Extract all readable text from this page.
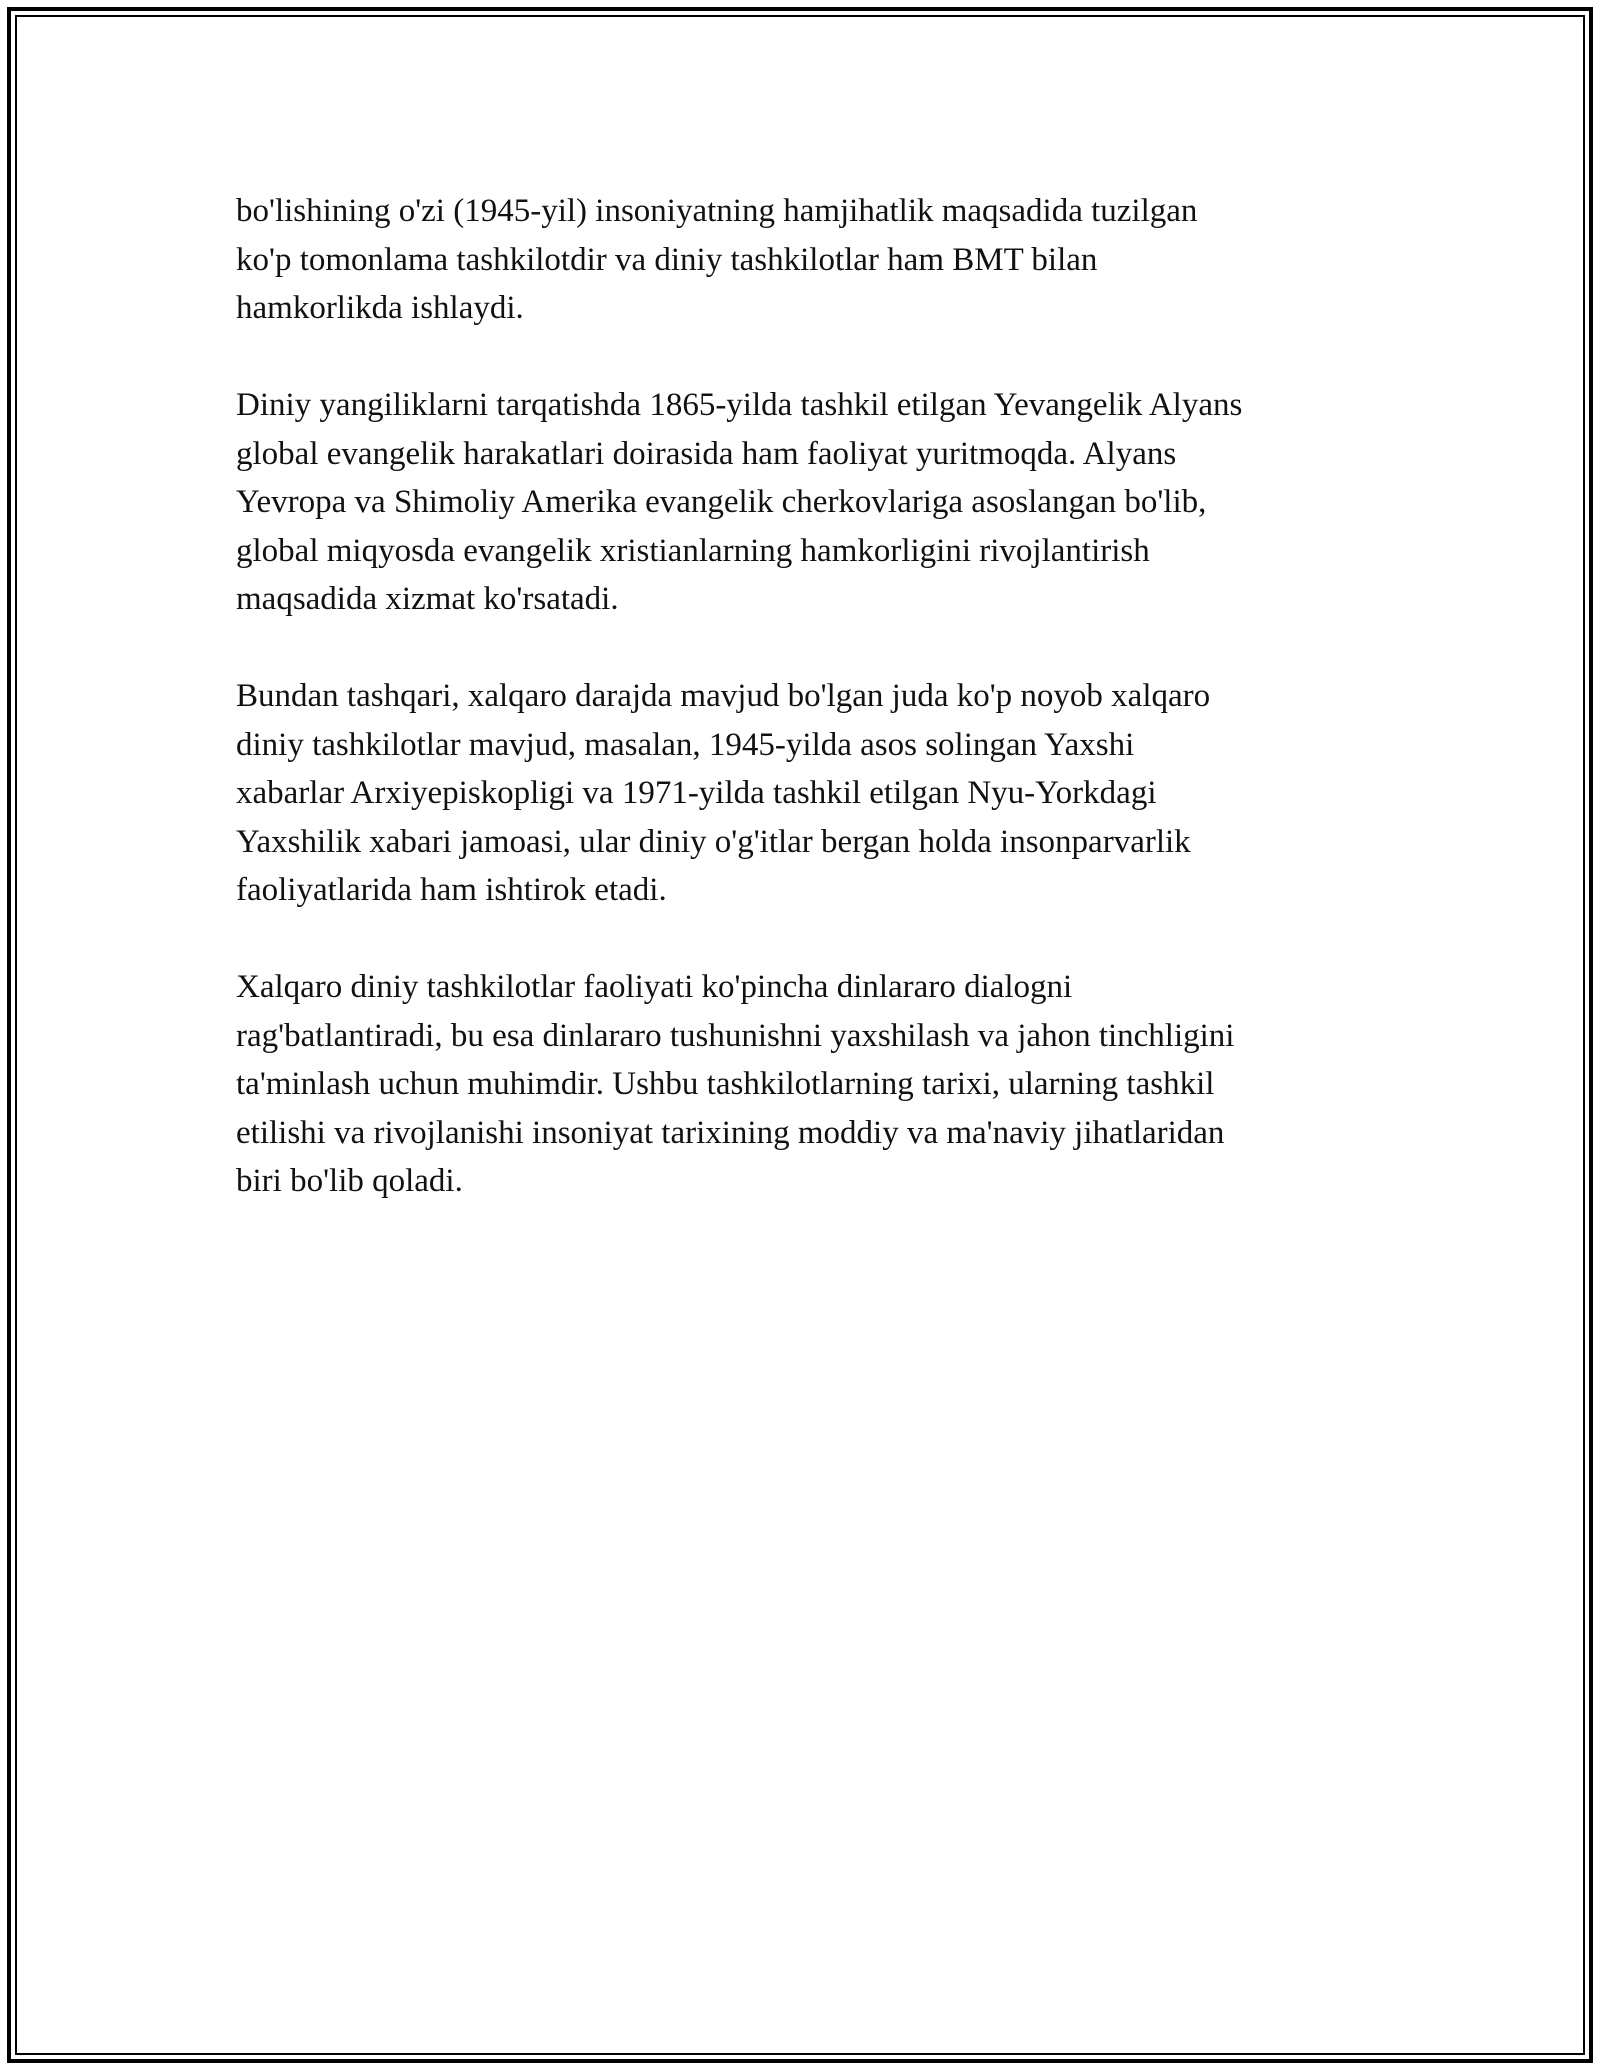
bo'lishining o'zi (1945-yil) insoniyatning hamjihatlik maqsadida tuzilgan
ko'p tomonlama tashkilotdir va diniy tashkilotlar ham BMT bilan
hamkorlikda ishlaydi.

Diniy yangiliklarni tarqatishda 1865-yilda tashkil etilgan Yevangelik Alyans
global evangelik harakatlari doirasida ham faoliyat yuritmoqda. Alyans
Yevropa va Shimoliy Amerika evangelik cherkovlariga asoslangan bo'lib,
global miqyosda evangelik xristianlarning hamkorligini rivojlantirish
maqsadida xizmat ko'rsatadi.

Bundan tashqari, xalqaro darajda mavjud bo'lgan juda ko'p noyob xalqaro
diniy tashkilotlar mavjud, masalan, 1945-yilda asos solingan Yaxshi
xabarlar Arxiyepiskopligi va 1971-yilda tashkil etilgan Nyu-Yorkdagi
Yaxshilik xabari jamoasi, ular diniy o'g'itlar bergan holda insonparvarlik
faoliyatlarida ham ishtirok etadi.

Xalqaro diniy tashkilotlar faoliyati ko'pincha dinlararo dialogni
rag'batlantiradi, bu esa dinlararo tushunishni yaxshilash va jahon tinchligini
ta'minlash uchun muhimdir. Ushbu tashkilotlarning tarixi, ularning tashkil
etilishi va rivojlanishi insoniyat tarixining moddiy va ma'naviy jihatlaridan
biri bo'lib qoladi.
